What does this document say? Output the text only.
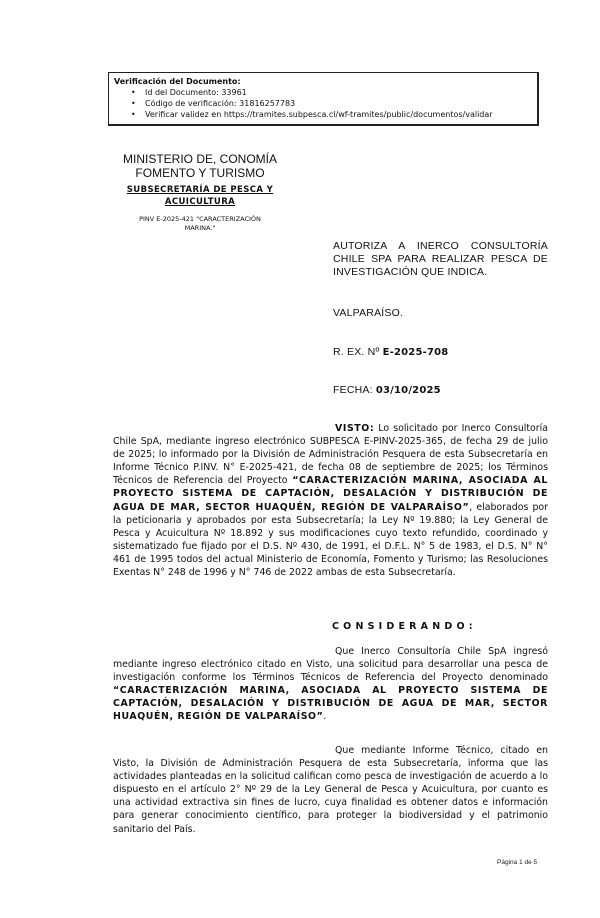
Verificación del Documento:
• Id del Documento: 33961
• Código de verificación: 31816257783
• Verificar validez en https://tramites.subpesca.cl/wf-tramites/public/documentos/validar
MINISTERIO DE, CONOMÍA
FOMENTO Y TURISMO
SUBSECRETARÍA DE PESCA Y
ACUICULTURA
PINV E-2025-421 "CARACTERIZACIÓN
MARINA."
AUTORIZA A INERCO CONSULTORÍA CHILE SPA PARA REALIZAR PESCA DE INVESTIGACIÓN QUE INDICA.
VALPARAÍSO.
R. EX. Nº E-2025-708
FECHA: 03/10/2025

VISTO: Lo solicitado por Inerco Consultoría Chile SpA, mediante ingreso electrónico SUBPESCA E-PINV-2025-365, de fecha 29 de julio de 2025; lo informado por la División de Administración Pesquera de esta Subsecretaría en Informe Técnico P.INV. N° E-2025-421, de fecha 08 de septiembre de 2025; los Términos Técnicos de Referencia del Proyecto “CARACTERIZACIÓN MARINA, ASOCIADA AL PROYECTO SISTEMA DE CAPTACIÓN, DESALACIÓN Y DISTRIBUCIÓN DE AGUA DE MAR, SECTOR HUAQUÉN, REGIÓN DE VALPARAÍSO”, elaborados por la peticionaria y aprobados por esta Subsecretaría; la Ley Nº 19.880; la Ley General de Pesca y Acuicultura Nº 18.892 y sus modificaciones cuyo texto refundido, coordinado y sistematizado fue fijado por el D.S. Nº 430, de 1991, el D.F.L. N° 5 de 1983, el D.S. N° N° 461 de 1995 todos del actual Ministerio de Economía, Fomento y Turismo; las Resoluciones Exentas N° 248 de 1996 y N° 746 de 2022 ambas de esta Subsecretaría.

CONSIDERANDO:

Que Inerco Consultoría Chile SpA ingresó mediante ingreso electrónico citado en Visto, una solicitud para desarrollar una pesca de investigación conforme los Términos Técnicos de Referencia del Proyecto denominado “CARACTERIZACIÓN MARINA, ASOCIADA AL PROYECTO SISTEMA DE CAPTACIÓN, DESALACIÓN Y DISTRIBUCIÓN DE AGUA DE MAR, SECTOR HUAQUÉN, REGIÓN DE VALPARAÍSO”.

Que mediante Informe Técnico, citado en Visto, la División de Administración Pesquera de esta Subsecretaría, informa que las actividades planteadas en la solicitud califican como pesca de investigación de acuerdo a lo dispuesto en el artículo 2° Nº 29 de la Ley General de Pesca y Acuicultura, por cuanto es una actividad extractiva sin fines de lucro, cuya finalidad es obtener datos e información para generar conocimiento científico, para proteger la biodiversidad y el patrimonio sanitario del País.

Página 1 de 5
